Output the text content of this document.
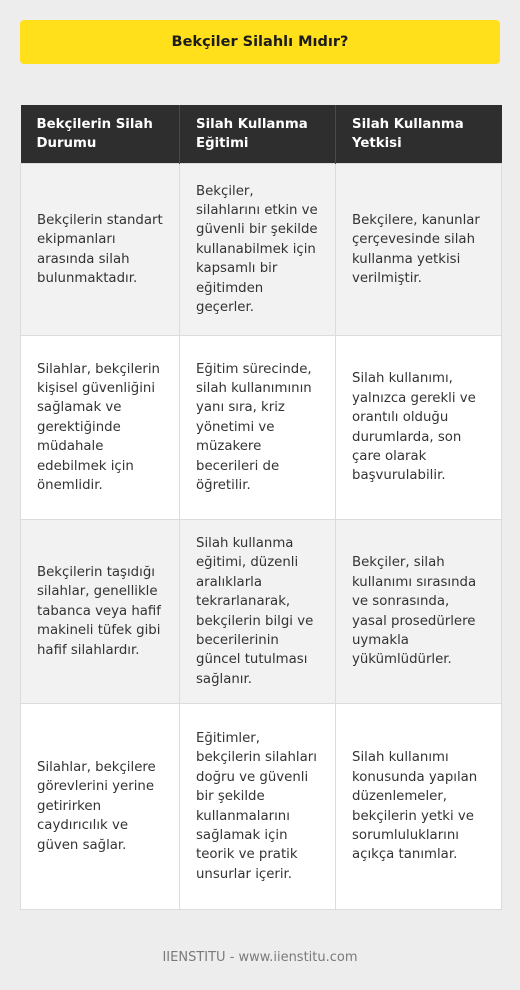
Bekçiler Silahlı Mıdır?
Bekçilerin Silah Durumu	Silah Kullanma Eğitimi	Silah Kullanma Yetkisi
Bekçilerin standart ekipmanları arasında silah bulunmaktadır.	Bekçiler, silahlarını etkin ve güvenli bir şekilde kullanabilmek için kapsamlı bir eğitimden geçerler.	Bekçilere, kanunlar çerçevesinde silah kullanma yetkisi verilmiştir.
Silahlar, bekçilerin kişisel güvenliğini sağlamak ve gerektiğinde müdahale edebilmek için önemlidir.	Eğitim sürecinde, silah kullanımının yanı sıra, kriz yönetimi ve müzakere becerileri de öğretilir.	Silah kullanımı, yalnızca gerekli ve orantılı olduğu durumlarda, son çare olarak başvurulabilir.
Bekçilerin taşıdığı silahlar, genellikle tabanca veya hafif makineli tüfek gibi hafif silahlardır.	Silah kullanma eğitimi, düzenli aralıklarla tekrarlanarak, bekçilerin bilgi ve becerilerinin güncel tutulması sağlanır.	Bekçiler, silah kullanımı sırasında ve sonrasında, yasal prosedürlere uymakla yükümlüdürler.
Silahlar, bekçilere görevlerini yerine getirirken caydırıcılık ve güven sağlar.	Eğitimler, bekçilerin silahları doğru ve güvenli bir şekilde kullanmalarını sağlamak için teorik ve pratik unsurlar içerir.	Silah kullanımı konusunda yapılan düzenlemeler, bekçilerin yetki ve sorumluluklarını açıkça tanımlar.
IIENSTITU - www.iienstitu.com
